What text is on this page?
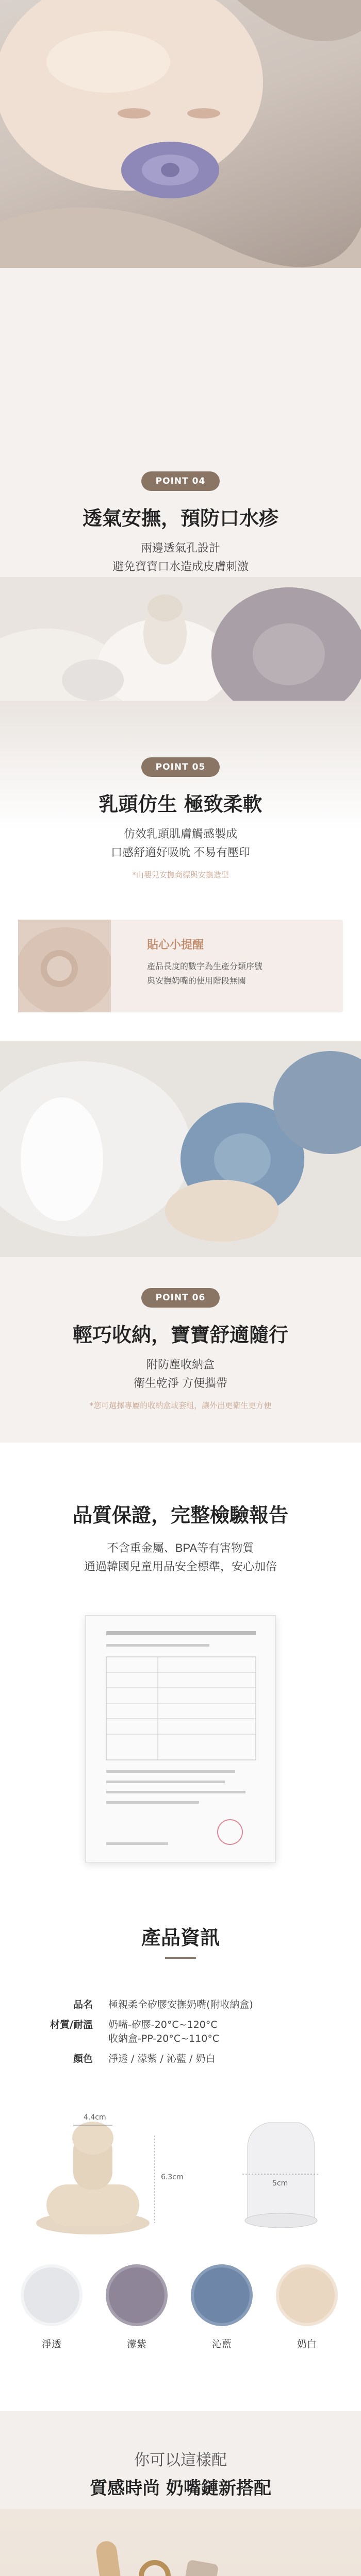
POINT 04
透氣安撫，預防口水疹

兩邊透氣孔設計

避免寶寶口水造成皮膚刺激

POINT 05
乳頭仿生 極致柔軟

仿效乳頭肌膚觸感製成

口感舒適好吸吮 不易有壓印

*山嬰兒安撫商標與安撫造型
貼心小提醒
產品長度的數字為生產分類序號
與安撫奶嘴的使用階段無關
POINT 06
輕巧收納，寶寶舒適隨行

附防塵收納盒

衛生乾淨 方便攜帶

*您可選擇專屬的收納盒或套組，讓外出更衛生更方便
品質保證，完整檢驗報告

不含重金屬、BPA等有害物質

通過韓國兒童用品安全標準，安心加倍

產品資訊
品名	極親柔全矽膠安撫奶嘴(附收納盒)

材質/耐溫	奶嘴-矽膠-20°C~120°C
收納盒-PP-20°C~110°C

顏色	淨透 / 濛紫 / 沁藍 / 奶白
4.4cm
6.3cm
5cm
淨透	濛紫	沁藍	奶白
你可以這樣配
質感時尚 奶嘴鏈新搭配
